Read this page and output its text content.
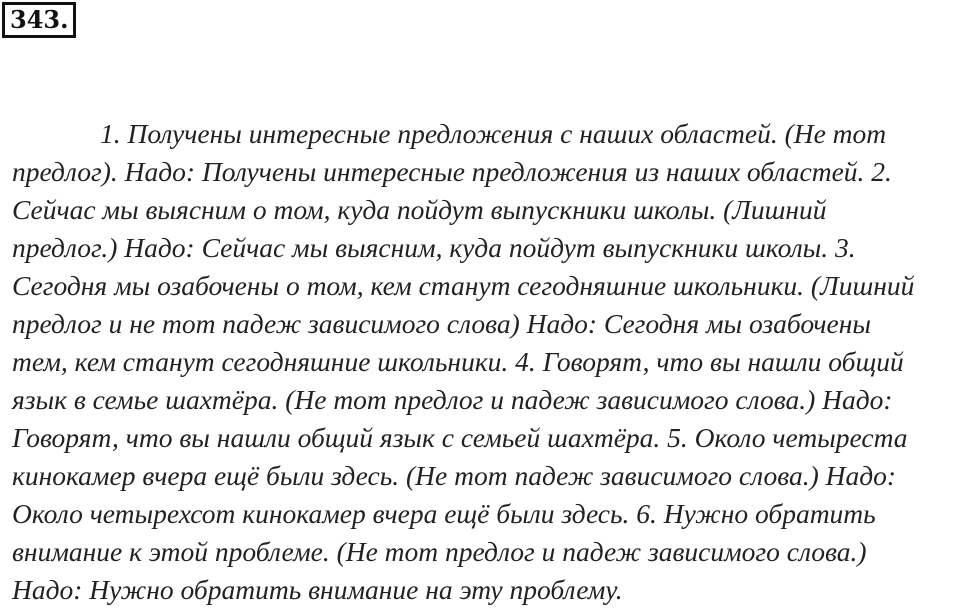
343.

1. Получены интересные предложения с наших областей. (Не тот
предлог). Надо: Получены интересные предложения из наших областей. 2.
Сейчас мы выясним о том, куда пойдут выпускники школы. (Лишний
предлог.) Надо: Сейчас мы выясним, куда пойдут выпускники школы. 3.
Сегодня мы озабочены о том, кем станут сегодняшние школьники. (Лишний
предлог и не тот падеж зависимого слова) Надо: Сегодня мы озабочены
тем, кем станут сегодняшние школьники. 4. Говорят, что вы нашли общий
язык в семье шахтёра. (Не тот предлог и падеж зависимого слова.) Надо:
Говорят, что вы нашли общий язык с семьей шахтёра. 5. Около четыреста
кинокамер вчера ещё были здесь. (Не тот падеж зависимого слова.) Надо:
Около четырехсот кинокамер вчера ещё были здесь. 6. Нужно обратить
внимание к этой проблеме. (Не тот предлог и падеж зависимого слова.)
Надо: Нужно обратить внимание на эту проблему.
